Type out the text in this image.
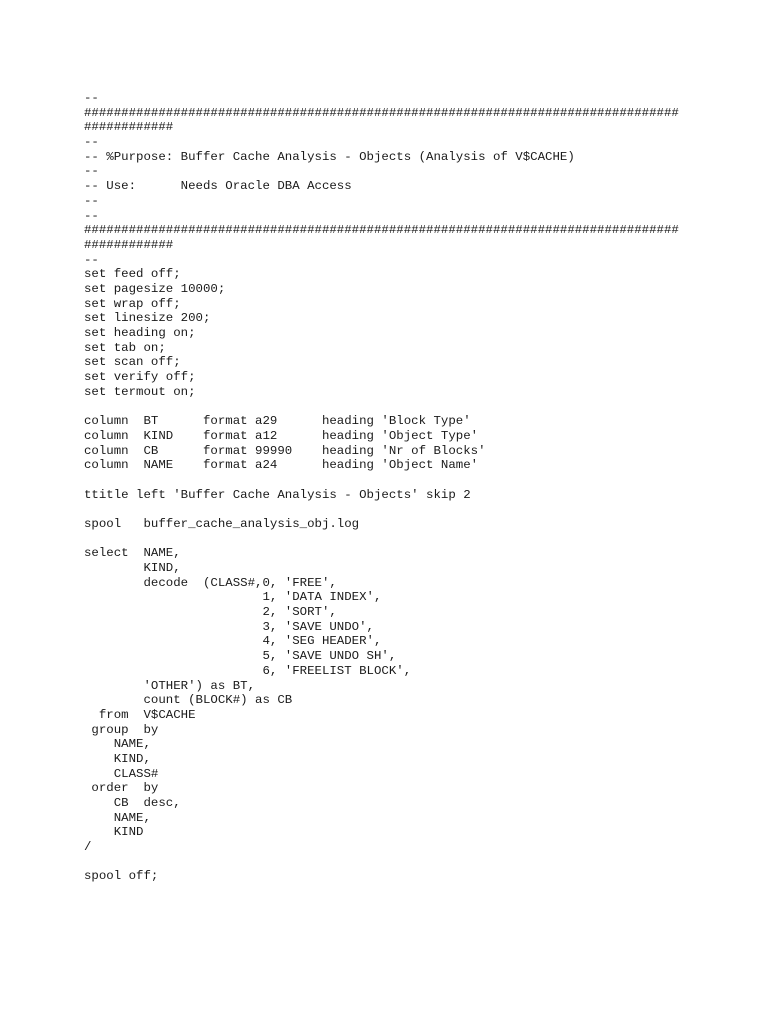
--
################################################################################
############
--
-- %Purpose: Buffer Cache Analysis - Objects (Analysis of V$CACHE)
--
-- Use:      Needs Oracle DBA Access
--
--
################################################################################
############
--
set feed off;
set pagesize 10000;
set wrap off;
set linesize 200;
set heading on;
set tab on;
set scan off;
set verify off;
set termout on;
column  BT      format a29      heading 'Block Type'
column  KIND    format a12      heading 'Object Type'
column  CB      format 99990    heading 'Nr of Blocks'
column  NAME    format a24      heading 'Object Name'
ttitle left 'Buffer Cache Analysis - Objects' skip 2
spool   buffer_cache_analysis_obj.log
select  NAME,
KIND,
decode  (CLASS#,0, 'FREE',
1, 'DATA INDEX',
2, 'SORT',
3, 'SAVE UNDO',
4, 'SEG HEADER',
5, 'SAVE UNDO SH',
6, 'FREELIST BLOCK',
'OTHER') as BT,
count (BLOCK#) as CB
from  V$CACHE
group  by
NAME,
KIND,
CLASS#
order  by
CB  desc,
NAME,
KIND
/
spool off;
